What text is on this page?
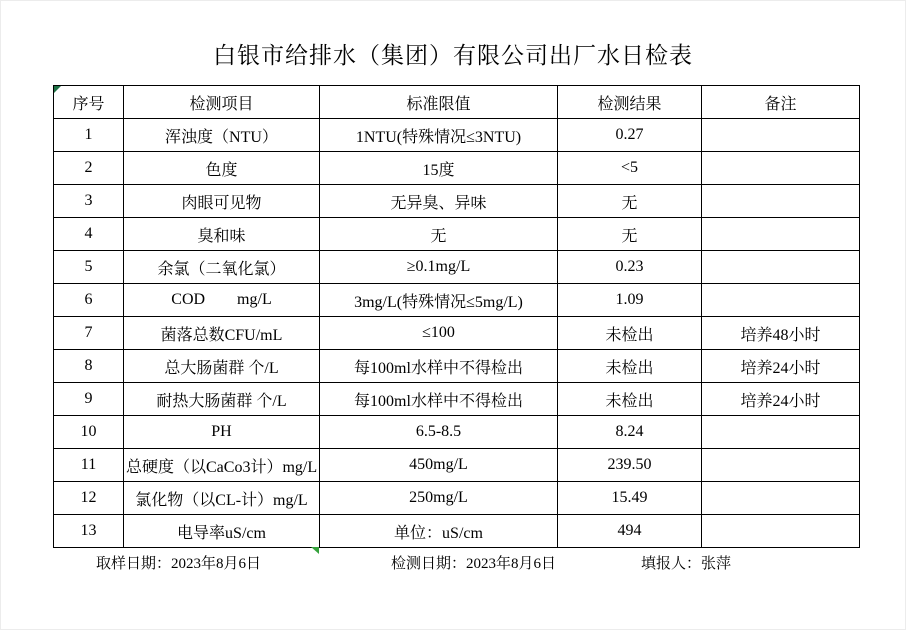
白银市给排水（集团）有限公司出厂水日检表
序号	检测项目	标准限值	检测结果	备注
1	浑浊度（NTU）	1NTU(特殊情况≤3NTU)	0.27	
2	色度	15度	<5	
3	肉眼可见物	无异臭、异味	无	
4	臭和味	无	无	
5	余氯（二氧化氯）	≥0.1mg/L	0.23	
6	COD        mg/L	3mg/L(特殊情况≤5mg/L)	1.09	
7	菌落总数CFU/mL	≤100	未检出	培养48小时
8	总大肠菌群 个/L	每100ml水样中不得检出	未检出	培养24小时
9	耐热大肠菌群 个/L	每100ml水样中不得检出	未检出	培养24小时
10	PH	6.5-8.5	8.24	
11	总硬度（以CaCo3计）mg/L	450mg/L	239.50	
12	氯化物（以CL-计）mg/L	250mg/L	15.49	
13	电导率uS/cm	单位：uS/cm	494	
取样日期：2023年8月6日	检测日期：2023年8月6日	填报人：张萍
